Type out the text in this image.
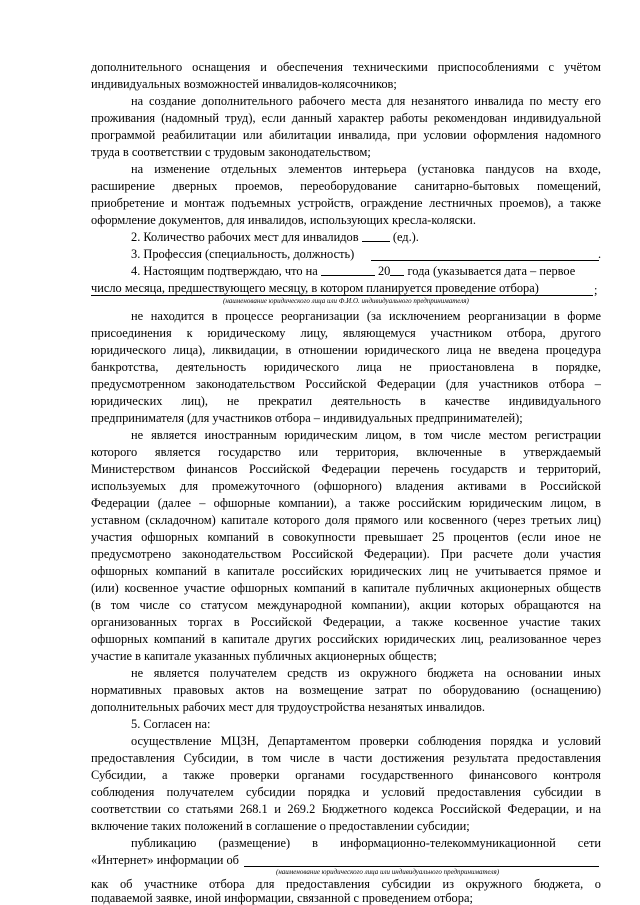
дополнительного оснащения и обеспечения техническими приспособлениями с учётом
индивидуальных возможностей инвалидов-колясочников;
на создание дополнительного рабочего места для незанятого инвалида по месту его
проживания (надомный труд), если данный характер работы рекомендован индивидуальной
программой реабилитации или абилитации инвалида, при условии оформления надомного
труда в соответствии с трудовым законодательством;
на изменение отдельных элементов интерьера (установка пандусов на входе,
расширение дверных проемов, переоборудование санитарно-бытовых помещений,
приобретение и монтаж подъемных устройств, ограждение лестничных проемов), а также
оформление документов, для инвалидов, использующих кресла-коляски.
2. Количество рабочих мест для инвалидов	(ед.).
3. Профессия (специальность, должность)	.
4. Настоящим подтверждаю, что на	20 года (указывается дата – первое
число месяца, предшествующего месяцу, в котором планируется проведение отбора)	;
(наименование юридического лица или Ф.И.О. индивидуального предпринимателя)
не находится в процессе реорганизации (за исключением реорганизации в форме
присоединения к юридическому лицу, являющемуся участником отбора, другого
юридического лица), ликвидации, в отношении юридического лица не введена процедура
банкротства, деятельность юридического лица не приостановлена в порядке,
предусмотренном законодательством Российской Федерации (для участников отбора –
юридических лиц), не прекратил деятельность в качестве индивидуального
предпринимателя (для участников отбора – индивидуальных предпринимателей);
не является иностранным юридическим лицом, в том числе местом регистрации
которого является государство или территория, включенные в утверждаемый
Министерством финансов Российской Федерации перечень государств и территорий,
используемых для промежуточного (офшорного) владения активами в Российской
Федерации (далее – офшорные компании), а также российским юридическим лицом, в
уставном (складочном) капитале которого доля прямого или косвенного (через третьих лиц)
участия офшорных компаний в совокупности превышает 25 процентов (если иное не
предусмотрено законодательством Российской Федерации). При расчете доли участия
офшорных компаний в капитале российских юридических лиц не учитывается прямое и
(или) косвенное участие офшорных компаний в капитале публичных акционерных обществ
(в том числе со статусом международной компании), акции которых обращаются на
организованных торгах в Российской Федерации, а также косвенное участие таких
офшорных компаний в капитале других российских юридических лиц, реализованное через
участие в капитале указанных публичных акционерных обществ;
не является получателем средств из окружного бюджета на основании иных
нормативных правовых актов на возмещение затрат по оборудованию (оснащению)
дополнительных рабочих мест для трудоустройства незанятых инвалидов.
5. Согласен на:
осуществление МЦЗН, Департаментом проверки соблюдения порядка и условий
предоставления Субсидии, в том числе в части достижения результата предоставления
Субсидии, а также проверки органами государственного финансового контроля
соблюдения получателем субсидии порядка и условий предоставления субсидии в
соответствии со статьями 268.1 и 269.2 Бюджетного кодекса Российской Федерации, и на
включение таких положений в соглашение о предоставлении субсидии;
публикацию (размещение) в информационно-телекоммуникационной сети
«Интернет» информации об
(наименование юридического лица или индивидуального предпринимателя)
как об участнике отбора для предоставления субсидии из окружного бюджета, о
подаваемой заявке, иной информации, связанной с проведением отбора;
